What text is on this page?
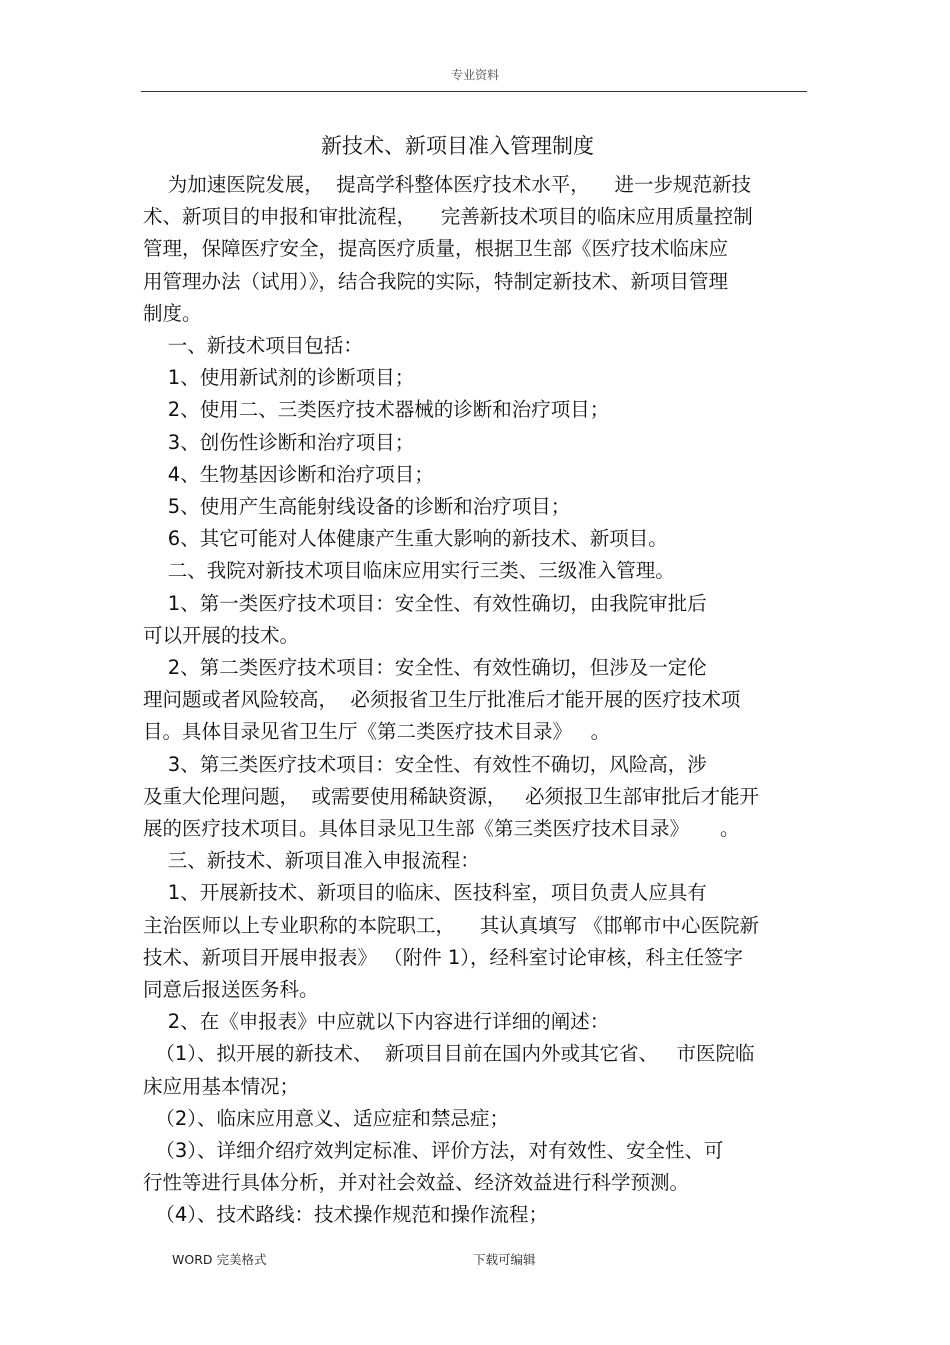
专业资料
新技术、新项目准入管理制度
为加速医院发展，  提高学科整体医疗技术水平，    进一步规范新技
术、新项目的申报和审批流程，    完善新技术项目的临床应用质量控制
管理，保障医疗安全，提高医疗质量，根据卫生部《医疗技术临床应
用管理办法（试用）》，结合我院的实际，特制定新技术、新项目管理
制度。
一、新技术项目包括：
1、使用新试剂的诊断项目；
2、使用二、三类医疗技术器械的诊断和治疗项目；
3、创伤性诊断和治疗项目；
4、生物基因诊断和治疗项目；
5、使用产生高能射线设备的诊断和治疗项目；
6、其它可能对人体健康产生重大影响的新技术、新项目。
二、我院对新技术项目临床应用实行三类、三级准入管理。
1、第一类医疗技术项目：安全性、有效性确切，由我院审批后
可以开展的技术。
2、第二类医疗技术项目：安全性、有效性确切，但涉及一定伦
理问题或者风险较高，  必须报省卫生厅批准后才能开展的医疗技术项
目。具体目录见省卫生厅《第二类医疗技术目录》   。
3、第三类医疗技术项目：安全性、有效性不确切，风险高，涉
及重大伦理问题，  或需要使用稀缺资源，   必须报卫生部审批后才能开
展的医疗技术项目。具体目录见卫生部《第三类医疗技术目录》     。
三、新技术、新项目准入申报流程：
1、开展新技术、新项目的临床、医技科室，项目负责人应具有
主治医师以上专业职称的本院职工，    其认真填写 《邯郸市中心医院新
技术、新项目开展申报表》 （附件 1），经科室讨论审核，科主任签字
同意后报送医务科。
2、在《申报表》中应就以下内容进行详细的阐述：
（1）、拟开展的新技术、  新项目目前在国内外或其它省、   市医院临
床应用基本情况；
（2）、临床应用意义、适应症和禁忌症；
（3）、详细介绍疗效判定标准、评价方法，对有效性、安全性、可
行性等进行具体分析，并对社会效益、经济效益进行科学预测。
（4）、技术路线：技术操作规范和操作流程；
WORD 完美格式	下载可编辑
